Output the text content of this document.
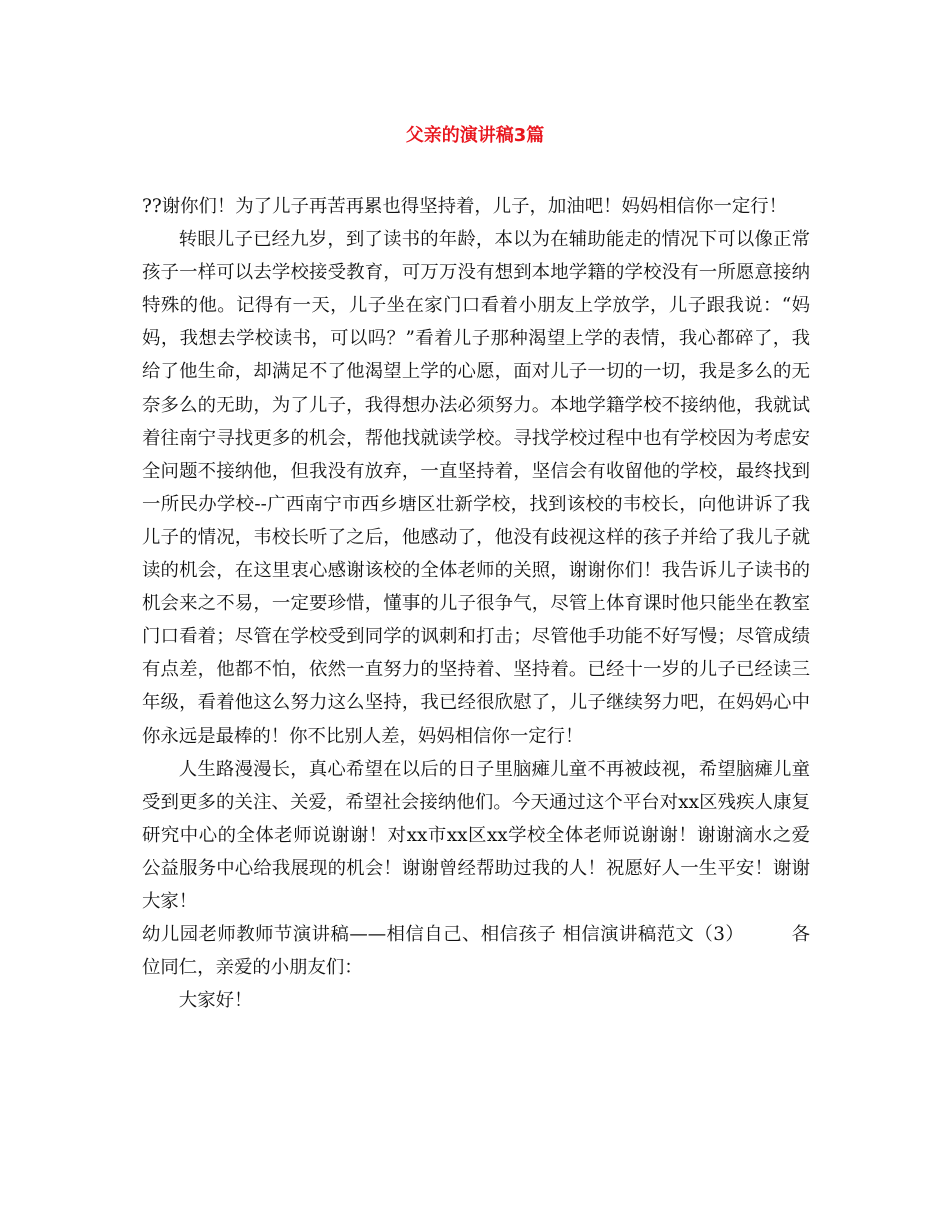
父亲的演讲稿3篇

??谢你们！为了儿子再苦再累也得坚持着，儿子，加油吧！妈妈相信你一定行！

转眼儿子已经九岁，到了读书的年龄，本以为在辅助能走的情况下可以像正常孩子一样可以去学校接受教育，可万万没有想到本地学籍的学校没有一所愿意接纳特殊的他。记得有一天，儿子坐在家门口看着小朋友上学放学，儿子跟我说：“妈妈，我想去学校读书，可以吗？”看着儿子那种渴望上学的表情，我心都碎了，我给了他生命，却满足不了他渴望上学的心愿，面对儿子一切的一切，我是多么的无奈多么的无助，为了儿子，我得想办法必须努力。本地学籍学校不接纳他，我就试着往南宁寻找更多的机会，帮他找就读学校。寻找学校过程中也有学校因为考虑安全问题不接纳他，但我没有放弃，一直坚持着，坚信会有收留他的学校，最终找到一所民办学校--广西南宁市西乡塘区壮新学校，找到该校的韦校长，向他讲诉了我儿子的情况，韦校长听了之后，他感动了，他没有歧视这样的孩子并给了我儿子就读的机会，在这里衷心感谢该校的全体老师的关照，谢谢你们！我告诉儿子读书的机会来之不易，一定要珍惜，懂事的儿子很争气，尽管上体育课时他只能坐在教室门口看着；尽管在学校受到同学的讽刺和打击；尽管他手功能不好写慢；尽管成绩有点差，他都不怕，依然一直努力的坚持着、坚持着。已经十一岁的儿子已经读三年级，看着他这么努力这么坚持，我已经很欣慰了，儿子继续努力吧，在妈妈心中你永远是最棒的！你不比别人差，妈妈相信你一定行！

人生路漫漫长，真心希望在以后的日子里脑瘫儿童不再被歧视，希望脑瘫儿童受到更多的关注、关爱，希望社会接纳他们。今天通过这个平台对xx区残疾人康复研究中心的全体老师说谢谢！对xx市xx区xx学校全体老师说谢谢！谢谢滴水之爱公益服务中心给我展现的机会！谢谢曾经帮助过我的人！祝愿好人一生平安！谢谢大家！

幼儿园老师教师节演讲稿——相信自己、相信孩子 相信演讲稿范文（3）　　　各位同仁，亲爱的小朋友们：

大家好！
